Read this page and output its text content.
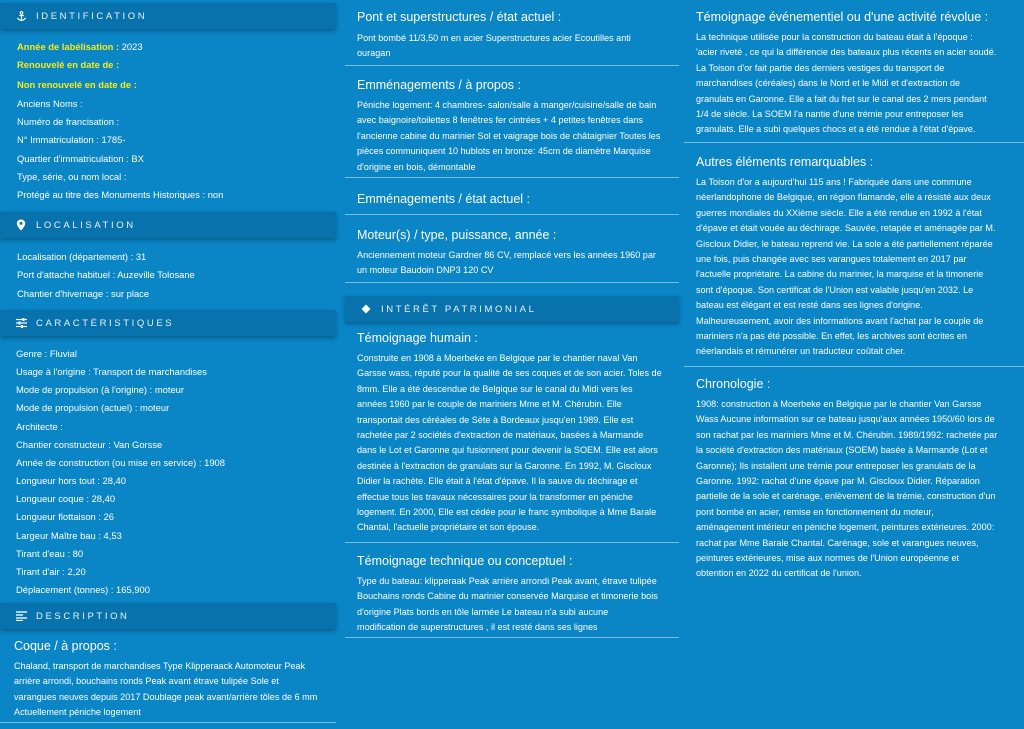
IDENTIFICATION
Année de labélisation : 2023
Renouvelé en date de :
Non renouvelé en date de :
Anciens Noms :
Numéro de francisation :
N° Immatriculation : 1785-
Quartier d'immatriculation : BX
Type, série, ou nom local :
Protégé au titre des Monuments Historiques : non
LOCALISATION
Localisation (département) : 31
Port d'attache habituel : Auzeville Tolosane
Chantier d'hivernage : sur place
CARACTÉRISTIQUES
Genre : Fluvial
Usage à l'origine : Transport de marchandises
Mode de propulsion (à l'origine) : moteur
Mode de propulsion (actuel) : moteur
Architecte :
Chantier constructeur : Van Gorsse
Année de construction (ou mise en service) : 1908
Longueur hors tout : 28,40
Longueur coque : 28,40
Longueur flottaison : 26
Largeur Maître bau : 4,53
Tirant d'eau : 80
Tirant d'air : 2,20
Déplacement (tonnes) : 165,900
DESCRIPTION
Coque / à propos :
Chaland, transport de marchandises Type Klipperaack Automoteur Peak
arrière arrondi, bouchains ronds Peak avant étrave tulipée Sole et
varangues neuves depuis 2017 Doublage peak avant/arrière tôles de 6 mm
Actuellement péniche logement
Pont et superstructures / état actuel :
Pont bombé 11/3,50 m en acier Superstructures acier Ecoutilles anti
ouragan
Emménagements / à propos :
Péniche logement: 4 chambres- salon/salle à manger/cuisine/salle de bain
avec baignoire/toilettes 8 fenêtres fer cintrées + 4 petites fenêtres dans
l'ancienne cabine du marinier Sol et vaigrage bois de châtaignier Toutes les
pièces communiquent 10 hublots en bronze: 45cm de diamètre Marquise
d'origine en bois, démontable
Emménagements / état actuel :
Moteur(s) / type, puissance, année :
Anciennement moteur Gardner 86 CV, remplacé vers les années 1960 par
un moteur Baudoin DNP3 120 CV
INTÉRÊT PATRIMONIAL
Témoignage humain :
Construite en 1908 à Moerbeke en Belgique par le chantier naval Van
Garsse wass, réputé pour la qualité de ses coques et de son acier. Toles de
8mm. Elle a été descendue de Belgique sur le canal du Midi vers les
années 1960 par le couple de mariniers Mme et M. Chérubin. Elle
transportait des céréales de Sète à Bordeaux jusqu'en 1989. Elle est
rachetée par 2 sociétés d'extraction de matériaux, basées à Marmande
dans le Lot et Garonne qui fusionnent pour devenir la SOEM. Elle est alors
destinée à l'extraction de granulats sur la Garonne. En 1992, M. Giscloux
Didier la rachète. Elle était à l'état d'épave. Il la sauve du déchirage et
effectue tous les travaux nécessaires pour la transformer en péniche
logement. En 2000, Elle est cédée pour le franc symbolique à Mme Barale
Chantal, l'actuelle propriétaire et son épouse.
Témoignage technique ou conceptuel :
Type du bateau: klipperaak Peak arrière arrondi Peak avant, étrave tulipée
Bouchains ronds Cabine du marinier conservée Marquise et timonerie bois
d'origine Plats bords en tôle larmée Le bateau n'a subi aucune
modification de superstructures , il est resté dans ses lignes
Témoignage événementiel ou d'une activité révolue :
La technique utilisée pour la construction du bateau était à l'époque :
'acier riveté , ce qui la différencie des bateaux plus récents en acier soudé.
La Toison d'or fait partie des derniers vestiges du transport de
marchandises (céréales) dans le Nord et le Midi et d'extraction de
granulats en Garonne. Elle a fait du fret sur le canal des 2 mers pendant
1/4 de siècle. La SOEM l'a nantie d'une trémie pour entreposer les
granulats. Elle a subi quelques chocs et a été rendue à l'état d'épave.
Autres éléments remarquables :
La Toison d'or a aujourd'hui 115 ans ! Fabriquée dans une commune
néerlandophone de Belgique, en région flamande, elle a résisté aux deux
guerres mondiales du XXième siècle. Elle a été rendue en 1992 à l'état
d'épave et était vouée au déchirage. Sauvée, retapée et aménagée par M.
Giscloux Didier, le bateau reprend vie. La sole a été partiellement réparée
une fois, puis changée avec ses varangues totalement en 2017 par
l'actuelle propriétaire. La cabine du marinier, la marquise et la timonerie
sont d'époque. Son certificat de l'Union est valable jusqu'en 2032. Le
bateau est élégant et est resté dans ses lignes d'origine.
Malheureusement, avoir des informations avant l'achat par le couple de
mariniers n'a pas été possible. En effet, les archives sont écrites en
néerlandais et rémunérer un traducteur coûtait cher.
Chronologie :
1908: construction à Moerbeke en Belgique par le chantier Van Garsse
Wass Aucune information sur ce bateau jusqu'aux années 1950/60 lors de
son rachat par les mariniers Mme et M. Chérubin. 1989/1992: rachetée par
la société d'extraction des matériaux (SOEM) basée à Marmande (Lot et
Garonne); Ils installent une trémie pour entreposer les granulats de la
Garonne. 1992: rachat d'une épave par M. Giscloux Didier. Réparation
partielle de la sole et carénage, enlèvement de la trémie, construction d'un
pont bombé en acier, remise en fonctionnement du moteur,
aménagement intérieur en péniche logement, peintures extérieures. 2000:
rachat par Mme Barale Chantal. Carénage, sole et varangues neuves,
peintures extérieures, mise aux normes de l'Union européenne et
obtention en 2022 du certificat de l'union.
